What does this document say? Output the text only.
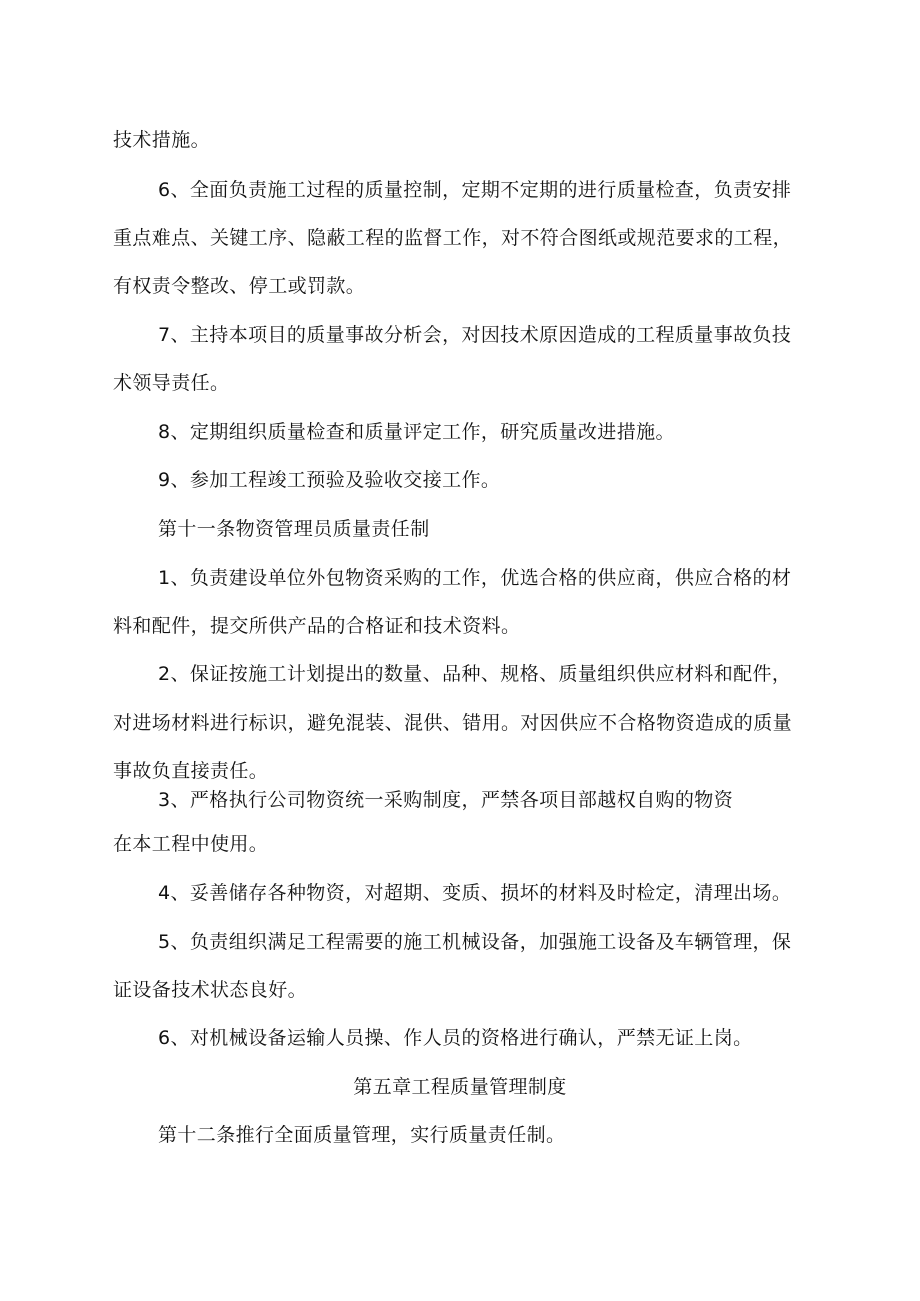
技术措施。
6、全面负责施工过程的质量控制，定期不定期的进行质量检查，负责安排
重点难点、关键工序、隐蔽工程的监督工作，对不符合图纸或规范要求的工程，
有权责令整改、停工或罚款。
7、主持本项目的质量事故分析会，对因技术原因造成的工程质量事故负技
术领导责任。
8、定期组织质量检查和质量评定工作，研究质量改进措施。
9、参加工程竣工预验及验收交接工作。
第十一条物资管理员质量责任制
1、负责建设单位外包物资采购的工作，优选合格的供应商，供应合格的材
料和配件，提交所供产品的合格证和技术资料。
2、保证按施工计划提出的数量、品种、规格、质量组织供应材料和配件，
对进场材料进行标识，避免混装、混供、错用。对因供应不合格物资造成的质量
事故负直接责任。
3、严格执行公司物资统一采购制度，严禁各项目部越权自购的物资
在本工程中使用。
4、妥善储存各种物资，对超期、变质、损坏的材料及时检定，清理出场。
5、负责组织满足工程需要的施工机械设备，加强施工设备及车辆管理，保
证设备技术状态良好。
6、对机械设备运输人员操、作人员的资格进行确认，严禁无证上岗。
第五章工程质量管理制度
第十二条推行全面质量管理，实行质量责任制。
